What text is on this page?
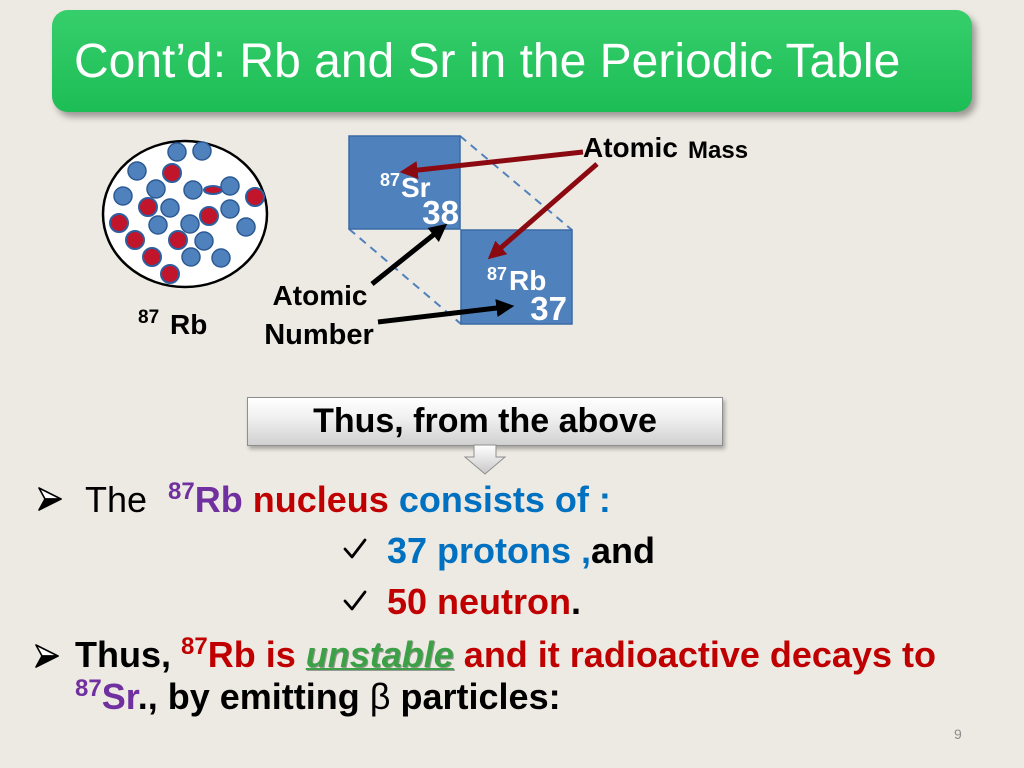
Cont’d: Rb and Sr in the Periodic Table
87 Rb
87 Sr
38
87 Rb
37
Atomic Mass
Atomic
Number
Thus, from the above
The $^{87}$Rb nucleus consists of :
37 protons ,and
50 neutron.
Thus, $^{87}$Rb is unstable and it radioactive decays to
$^{87}$Sr., by emitting β particles:
9
